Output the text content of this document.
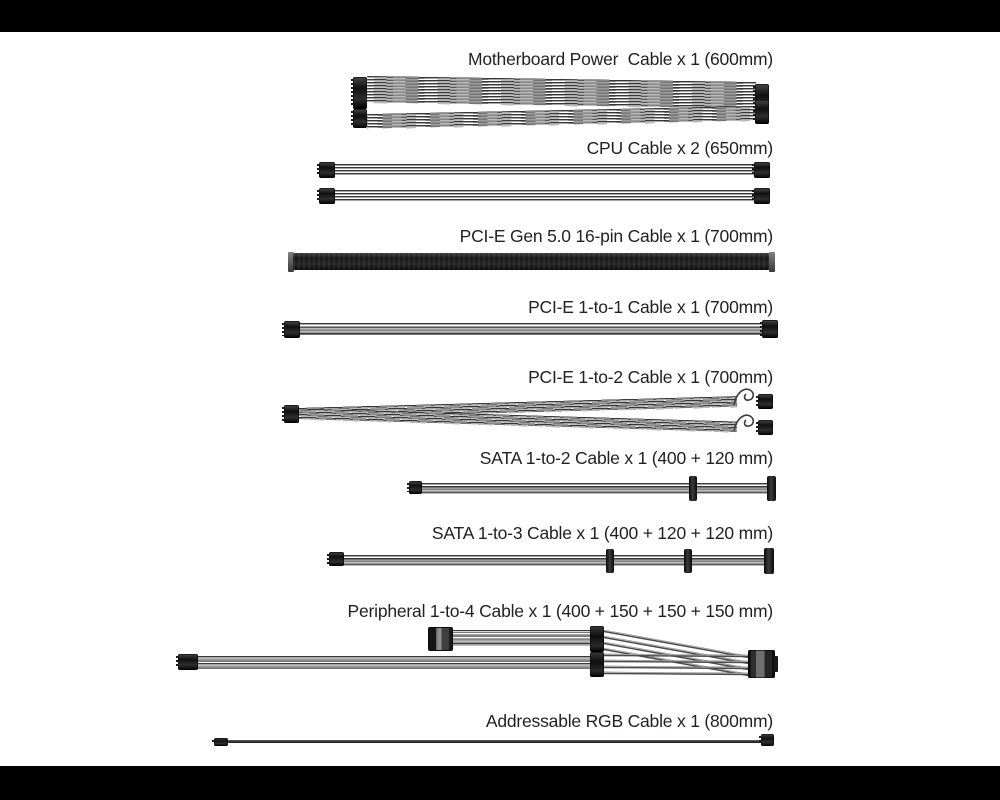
Motherboard Power  Cable x 1 (600mm)
CPU Cable x 2 (650mm)
PCI-E Gen 5.0 16-pin Cable x 1 (700mm)
PCI-E 1-to-1 Cable x 1 (700mm)
PCI-E 1-to-2 Cable x 1 (700mm)
SATA 1-to-2 Cable x 1 (400 + 120 mm)
SATA 1-to-3 Cable x 1 (400 + 120 + 120 mm)
Peripheral 1-to-4 Cable x 1 (400 + 150 + 150 + 150 mm)
Addressable RGB Cable x 1 (800mm)
